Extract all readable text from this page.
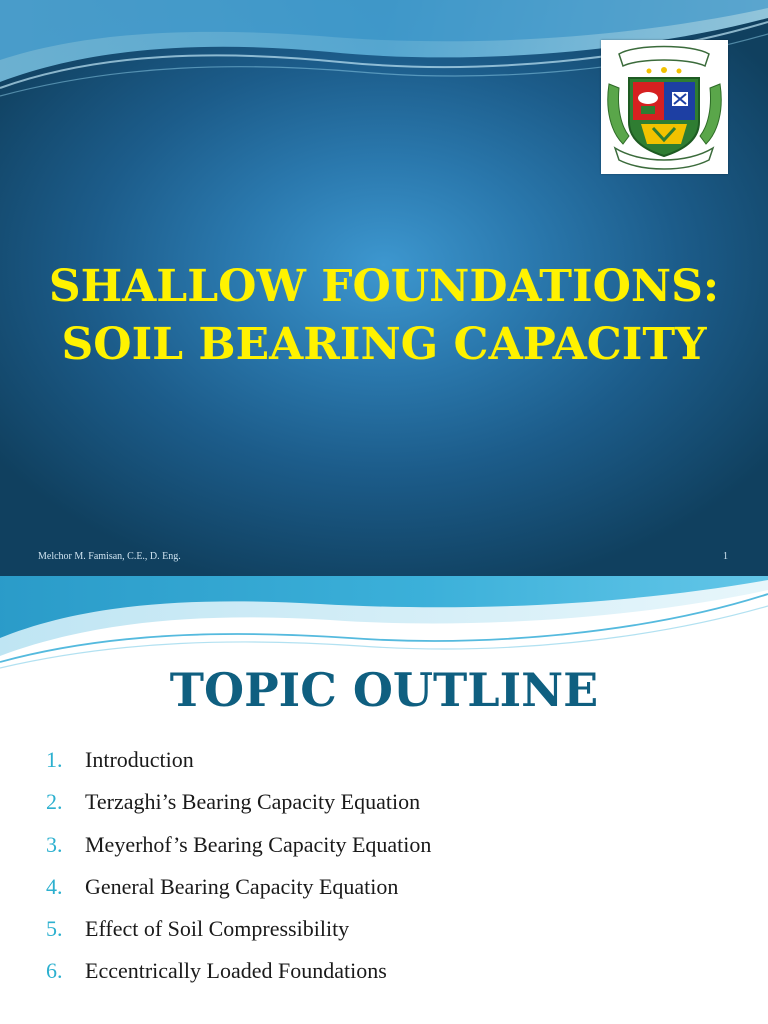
SHALLOW FOUNDATIONS:
SOIL BEARING CAPACITY
Melchor M. Famisan, C.E., D. Eng.	1
TOPIC OUTLINE
1. Introduction
2. Terzaghi’s Bearing Capacity Equation
3. Meyerhof’s Bearing Capacity Equation
4. General Bearing Capacity Equation
5. Effect of Soil Compressibility
6. Eccentrically Loaded Foundations
